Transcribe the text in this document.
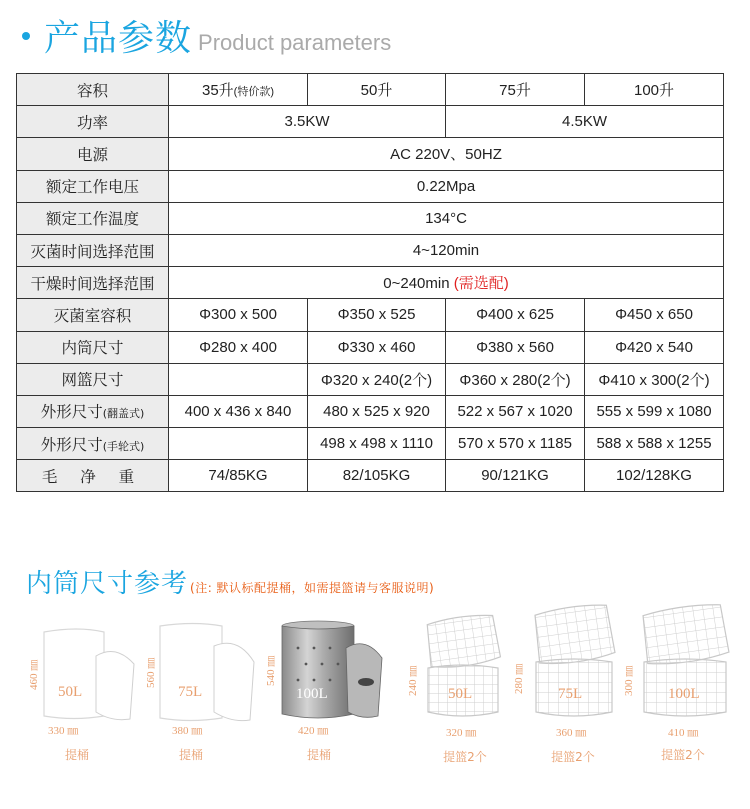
产品参数 Product parameters
容积	35升(特价款)	50升	75升	100升
功率	3.5KW		4.5KW	
电源	AC 220V、50HZ			
额定工作电压	0.22Mpa			
额定工作温度	134°C			
灭菌时间选择范围	4~120min			
干燥时间选择范围	0~240min (需选配)			
灭菌室容积	Φ300 x 500	Φ350 x 525	Φ400 x 625	Φ450 x 650
内筒尺寸	Φ280 x 400	Φ330 x 460	Φ380 x 560	Φ420 x 540
网篮尺寸		Φ320 x 240(2个)	Φ360 x 280(2个)	Φ410 x 300(2个)
外形尺寸(翻盖式)	400 x 436 x 840	480 x 525 x 920	522 x 567 x 1020	555 x 599 x 1080
外形尺寸(手轮式)		498 x 498 x 1110	570 x 570 x 1185	588 x 588 x 1255
毛 净 重	74/85KG	82/105KG	90/121KG	102/128KG
内筒尺寸参考 (注: 默认标配提桶，如需提篮请与客服说明)
50L
460 ㎜
330 ㎜
提桶
75L
560 ㎜
380 ㎜
提桶
100L
540 ㎜
420 ㎜
提桶
50L
240 ㎜
320 ㎜
提篮2个
75L
280 ㎜
360 ㎜
提篮2个
100L
300 ㎜
410 ㎜
提篮2个
